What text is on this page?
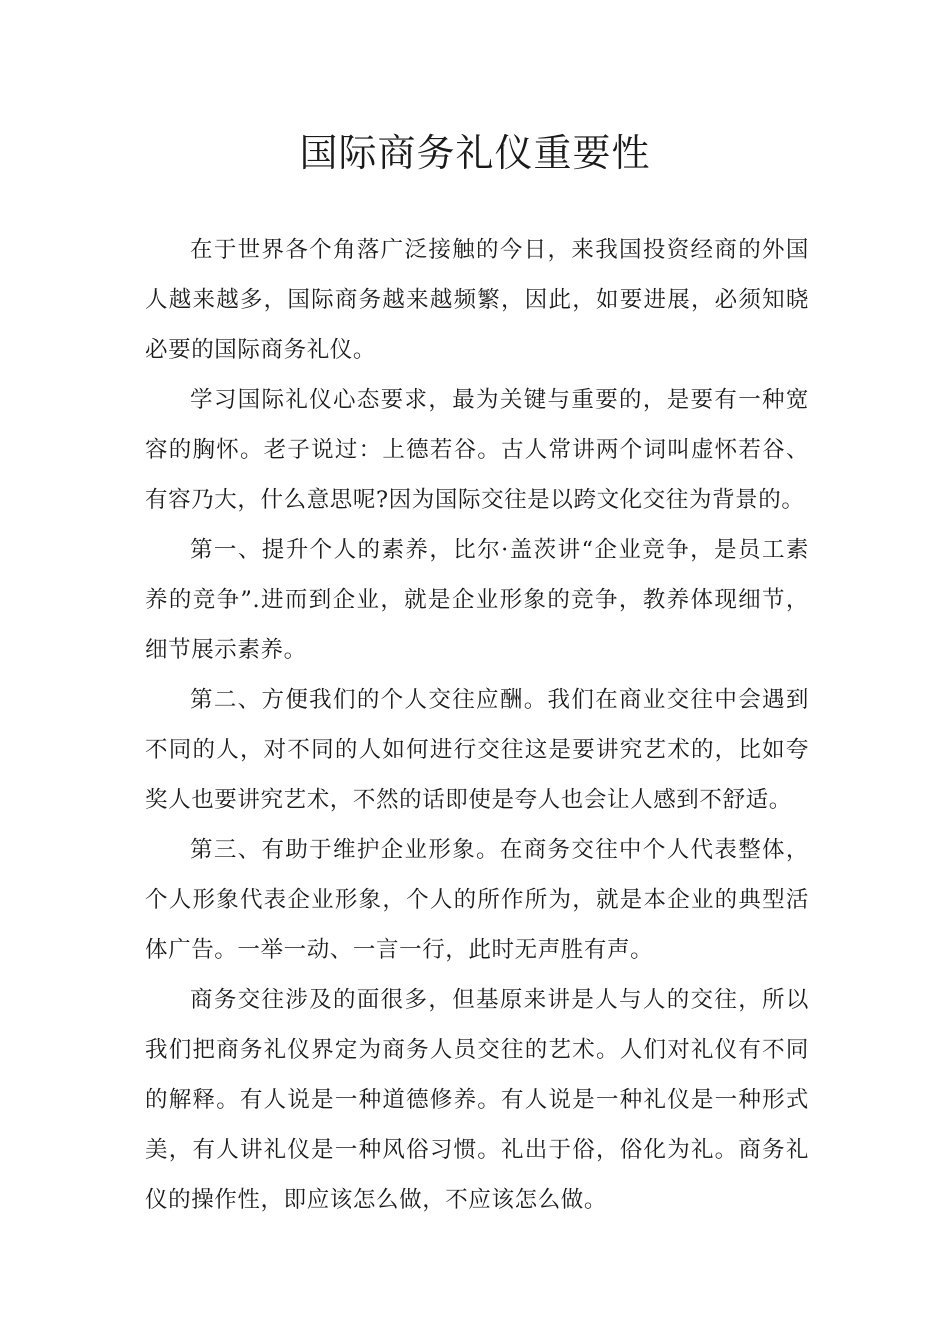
国际商务礼仪重要性

在于世界各个角落广泛接触的今日，来我国投资经商的外国人越来越多，国际商务越来越频繁，因此，如要进展，必须知晓必要的国际商务礼仪。

学习国际礼仪心态要求，最为关键与重要的，是要有一种宽容的胸怀。老子说过：上德若谷。古人常讲两个词叫虚怀若谷、有容乃大，什么意思呢?因为国际交往是以跨文化交往为背景的。

第一、提升个人的素养，比尔·盖茨讲“企业竞争，是员工素养的竞争”.进而到企业，就是企业形象的竞争，教养体现细节，细节展示素养。

第二、方便我们的个人交往应酬。我们在商业交往中会遇到不同的人，对不同的人如何进行交往这是要讲究艺术的，比如夸奖人也要讲究艺术，不然的话即使是夸人也会让人感到不舒适。

第三、有助于维护企业形象。在商务交往中个人代表整体，个人形象代表企业形象，个人的所作所为，就是本企业的典型活体广告。一举一动、一言一行，此时无声胜有声。

商务交往涉及的面很多，但基原来讲是人与人的交往，所以我们把商务礼仪界定为商务人员交往的艺术。人们对礼仪有不同的解释。有人说是一种道德修养。有人说是一种礼仪是一种形式美，有人讲礼仪是一种风俗习惯。礼出于俗，俗化为礼。商务礼仪的操作性，即应该怎么做，不应该怎么做。
